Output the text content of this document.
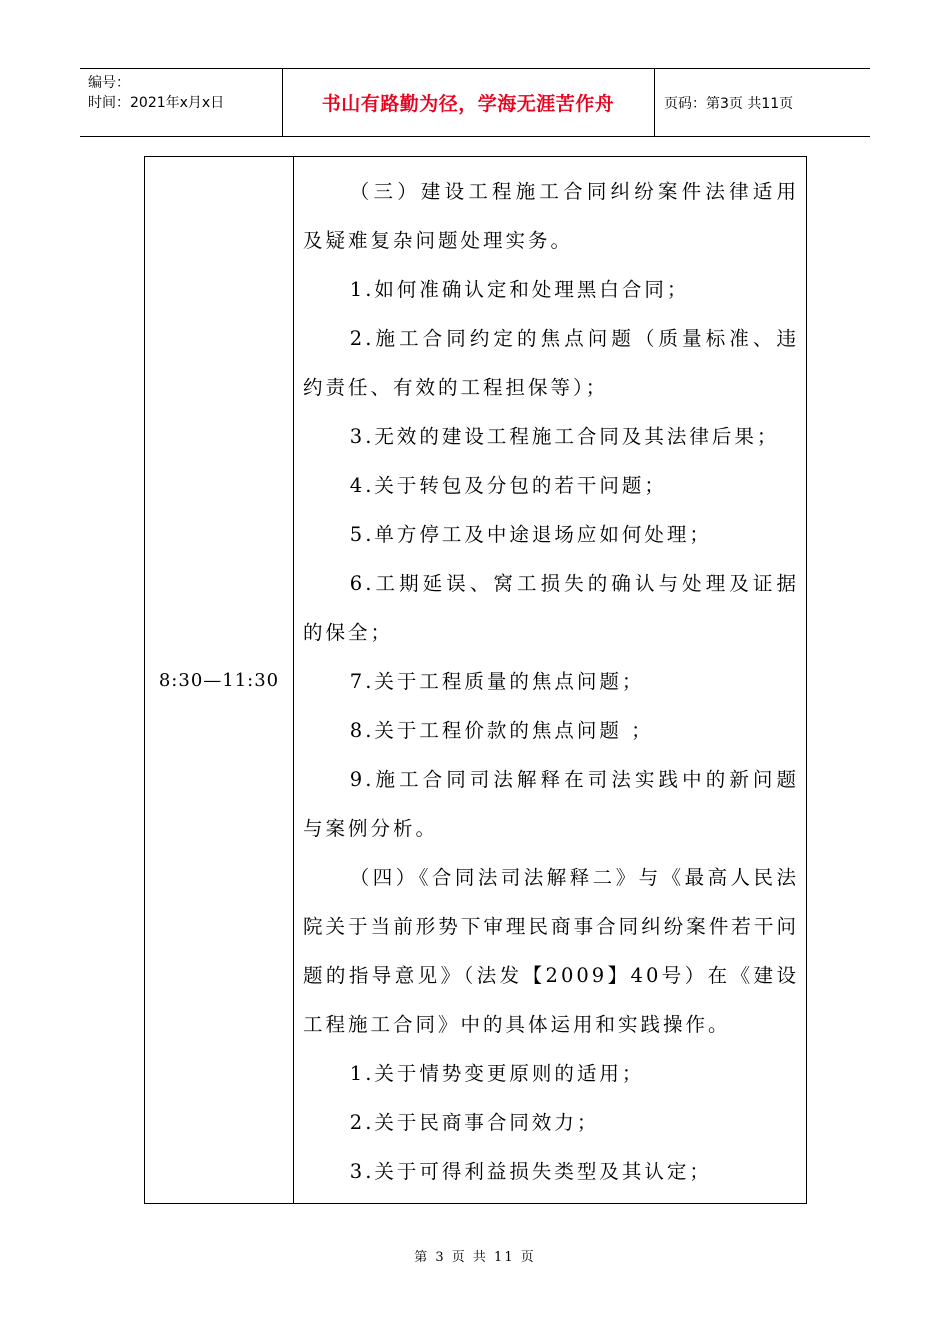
编号：
时间：2021年x月x日	书山有路勤为径，学海无涯苦作舟	页码：第3页 共11页
8:30—11:30

（三）建设工程施工合同纠纷案件法律适用及疑难复杂问题处理实务。

1.如何准确认定和处理黑白合同；

2.施工合同约定的焦点问题（质量标准、违约责任、有效的工程担保等）；

3.无效的建设工程施工合同及其法律后果；

4.关于转包及分包的若干问题；

5.单方停工及中途退场应如何处理；

6.工期延误、窝工损失的确认与处理及证据的保全；

7.关于工程质量的焦点问题；

8.关于工程价款的焦点问题 ；

9.施工合同司法解释在司法实践中的新问题与案例分析。

（四）《合同法司法解释二》与《最高人民法院关于当前形势下审理民商事合同纠纷案件若干问题的指导意见》（法发【2009】40号）在《建设工程施工合同》中的具体运用和实践操作。

1.关于情势变更原则的适用；

2.关于民商事合同效力；

3.关于可得利益损失类型及其认定；

第 3 页 共 11 页
